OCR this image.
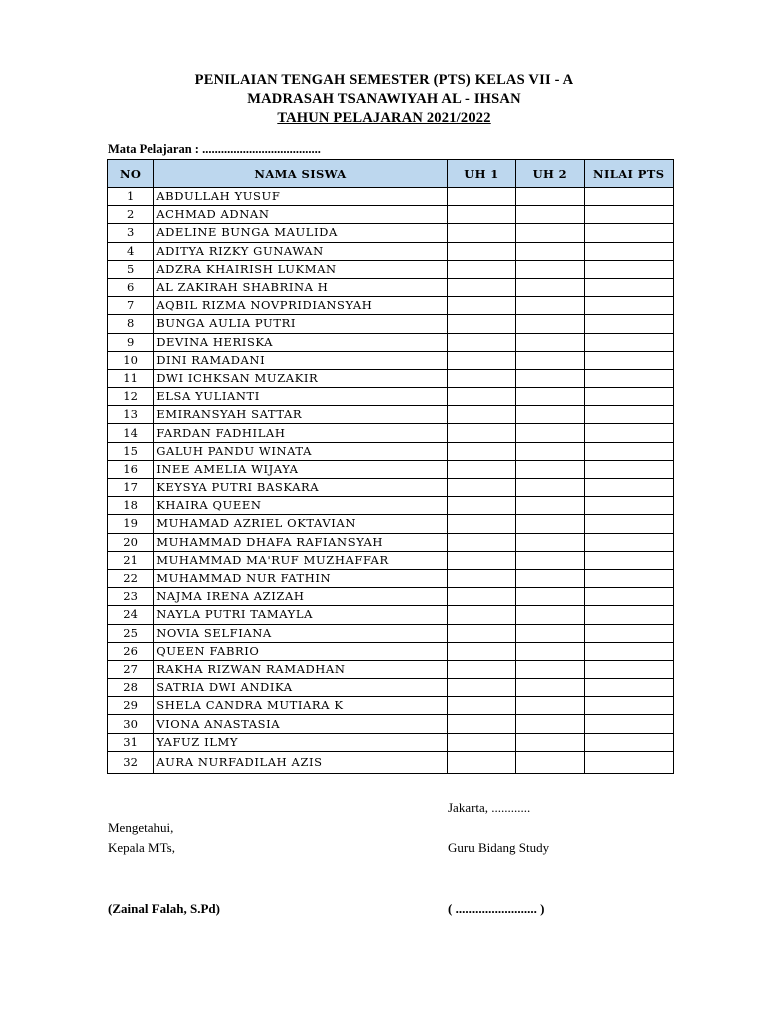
PENILAIAN TENGAH SEMESTER (PTS) KELAS VII - A
MADRASAH TSANAWIYAH AL - IHSAN
TAHUN PELAJARAN 2021/2022
Mata Pelajaran : ......................................
NO	NAMA SISWA	UH 1	UH 2	NILAI PTS
1	ABDULLAH YUSUF			
2	ACHMAD ADNAN			
3	ADELINE BUNGA MAULIDA			
4	ADITYA RIZKY GUNAWAN			
5	ADZRA KHAIRISH LUKMAN			
6	AL ZAKIRAH SHABRINA H			
7	AQBIL RIZMA NOVPRIDIANSYAH			
8	BUNGA AULIA PUTRI			
9	DEVINA HERISKA			
10	DINI RAMADANI			
11	DWI ICHKSAN MUZAKIR			
12	ELSA YULIANTI			
13	EMIRANSYAH SATTAR			
14	FARDAN FADHILAH			
15	GALUH PANDU WINATA			
16	INEE AMELIA WIJAYA			
17	KEYSYA PUTRI BASKARA			
18	KHAIRA QUEEN			
19	MUHAMAD AZRIEL OKTAVIAN			
20	MUHAMMAD DHAFA RAFIANSYAH			
21	MUHAMMAD MA'RUF MUZHAFFAR			
22	MUHAMMAD NUR FATHIN			
23	NAJMA IRENA AZIZAH			
24	NAYLA PUTRI TAMAYLA			
25	NOVIA SELFIANA			
26	QUEEN FABRIO			
27	RAKHA RIZWAN RAMADHAN			
28	SATRIA DWI ANDIKA			
29	SHELA CANDRA MUTIARA K			
30	VIONA ANASTASIA			
31	YAFUZ ILMY			
32	AURA NURFADILAH AZIS			
Jakarta, ............
Mengetahui,
Kepala MTs,	Guru Bidang Study
(Zainal Falah, S.Pd)	( ......................... )
